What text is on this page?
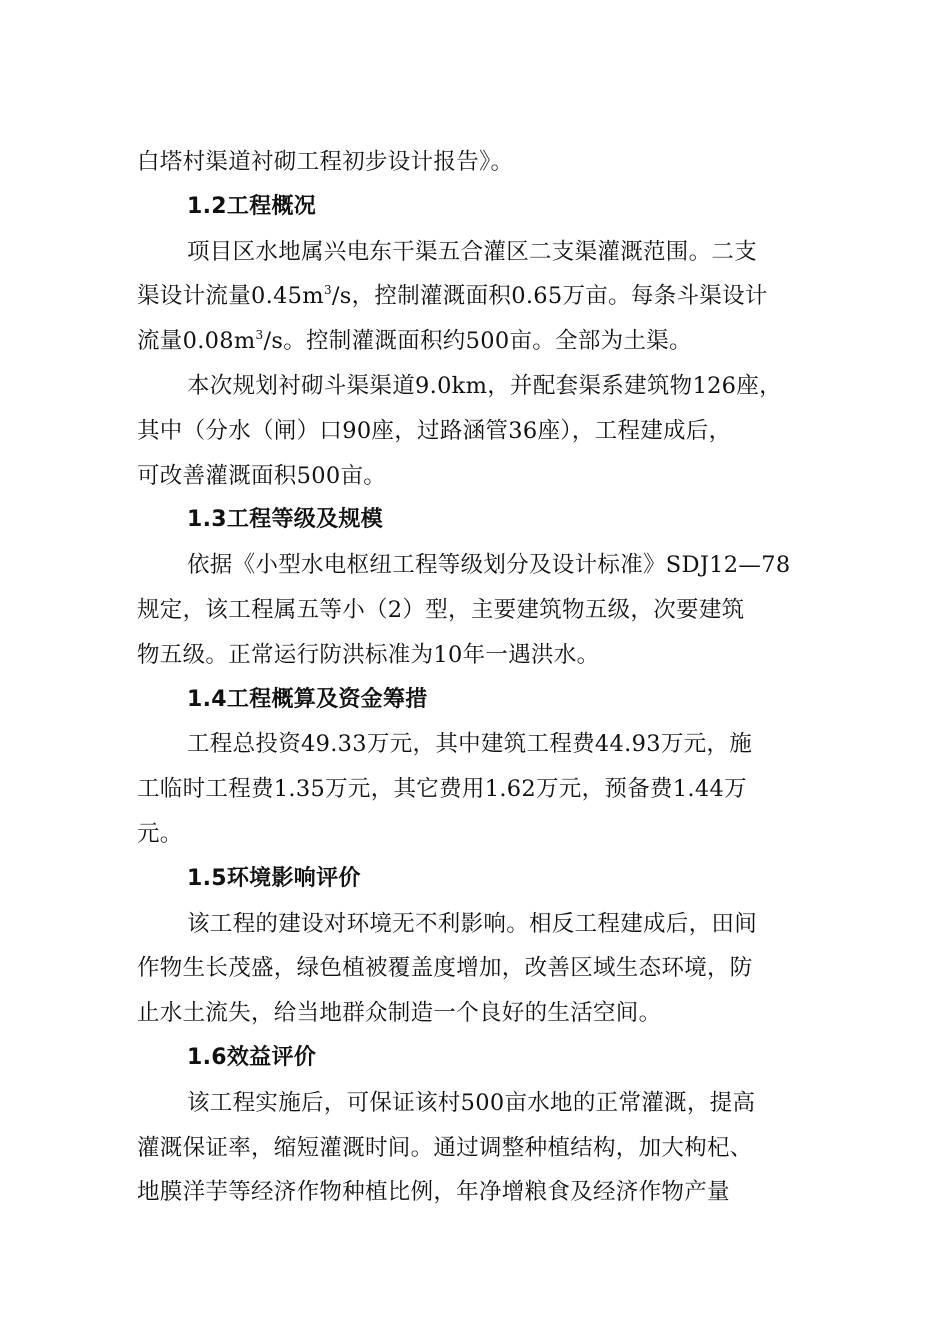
白塔村渠道衬砌工程初步设计报告》。
1.2工程概况
项目区水地属兴电东干渠五合灌区二支渠灌溉范围。二支
渠设计流量$0.45m^3/s$，控制灌溉面积0.65万亩。每条斗渠设计
流量$0.08m^3/s$。控制灌溉面积约500亩。全部为土渠。
本次规划衬砌斗渠渠道9.0km，并配套渠系建筑物126座，
其中（分水（闸）口90座，过路涵管36座），工程建成后，
可改善灌溉面积500亩。
1.3工程等级及规模
依据《小型水电枢纽工程等级划分及设计标准》SDJ12—78
规定，该工程属五等小（2）型，主要建筑物五级，次要建筑
物五级。正常运行防洪标准为10年一遇洪水。
1.4工程概算及资金筹措
工程总投资49.33万元，其中建筑工程费44.93万元，施
工临时工程费1.35万元，其它费用1.62万元，预备费1.44万
元。
1.5环境影响评价
该工程的建设对环境无不利影响。相反工程建成后，田间
作物生长茂盛，绿色植被覆盖度增加，改善区域生态环境，防
止水土流失，给当地群众制造一个良好的生活空间。
1.6效益评价
该工程实施后，可保证该村500亩水地的正常灌溉，提高
灌溉保证率，缩短灌溉时间。通过调整种植结构，加大枸杞、
地膜洋芋等经济作物种植比例，年净增粮食及经济作物产量
